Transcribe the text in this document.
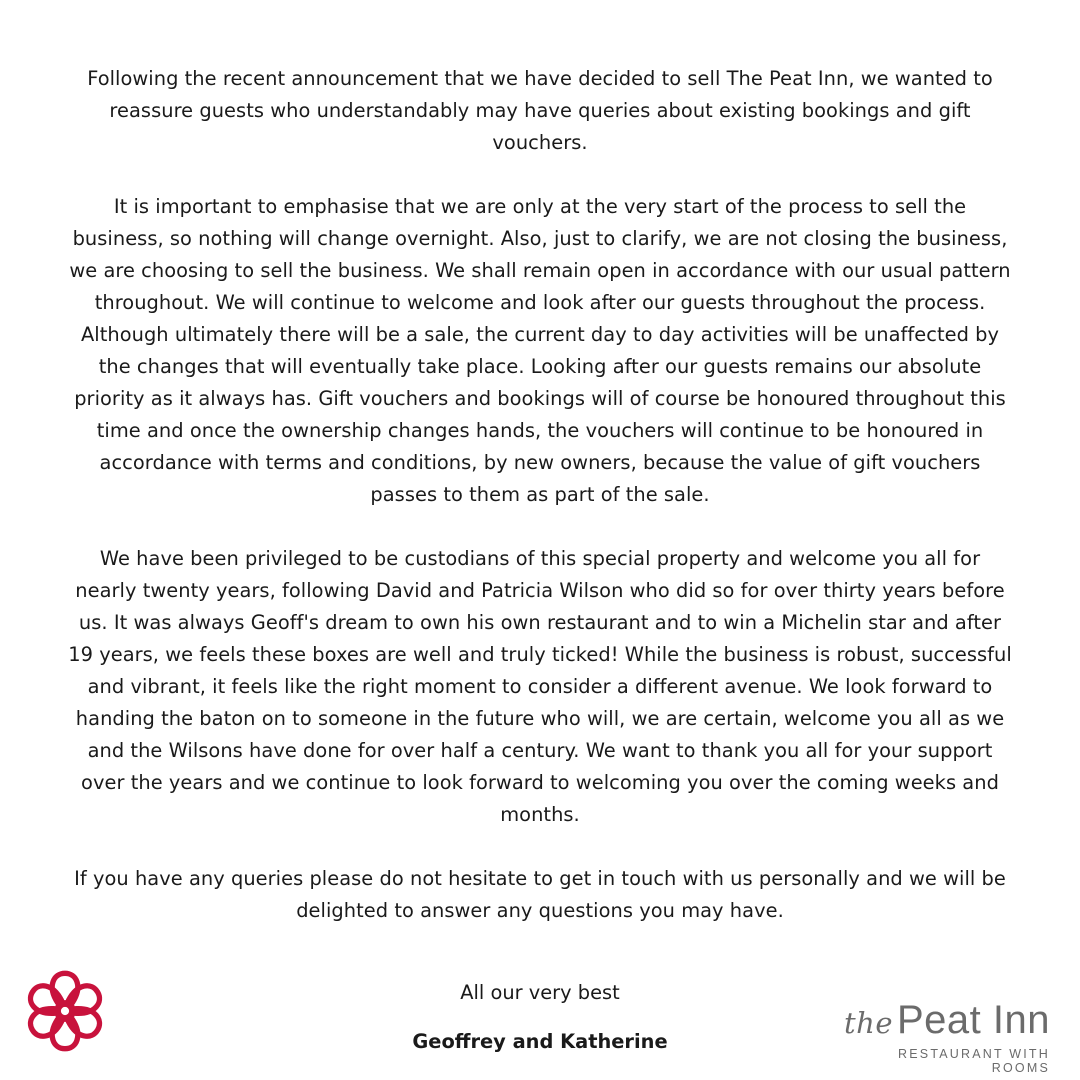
Following the recent announcement that we have decided to sell The Peat Inn, we wanted to reassure guests who understandably may have queries about existing bookings and gift vouchers.

It is important to emphasise that we are only at the very start of the process to sell the business, so nothing will change overnight. Also, just to clarify, we are not closing the business, we are choosing to sell the business. We shall remain open in accordance with our usual pattern throughout. We will continue to welcome and look after our guests throughout the process. Although ultimately there will be a sale, the current day to day activities will be unaffected by the changes that will eventually take place. Looking after our guests remains our absolute priority as it always has. Gift vouchers and bookings will of course be honoured throughout this time and once the ownership changes hands, the vouchers will continue to be honoured in accordance with terms and conditions, by new owners, because the value of gift vouchers passes to them as part of the sale.

We have been privileged to be custodians of this special property and welcome you all for nearly twenty years, following David and Patricia Wilson who did so for over thirty years before us. It was always Geoff's dream to own his own restaurant and to win a Michelin star and after 19 years, we feels these boxes are well and truly ticked! While the business is robust, successful and vibrant, it feels like the right moment to consider a different avenue. We look forward to handing the baton on to someone in the future who will, we are certain, welcome you all as we and the Wilsons have done for over half a century. We want to thank you all for your support over the years and we continue to look forward to welcoming you over the coming weeks and months.

If you have any queries please do not hesitate to get in touch with us personally and we will be delighted to answer any questions you may have.

All our very best
Geoffrey and Katherine
the Peat Inn
RESTAURANT WITH ROOMS
